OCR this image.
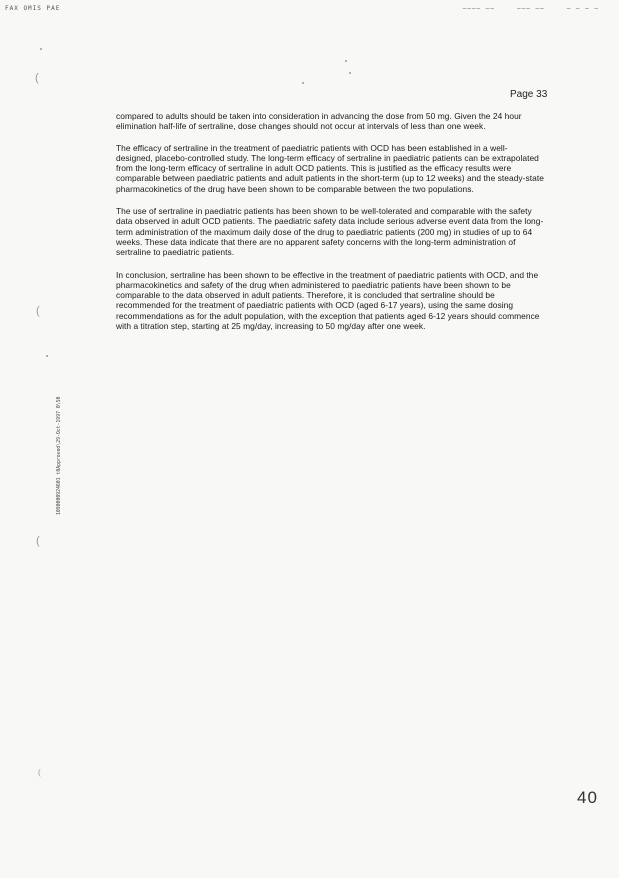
FAX OMIS PAE	———— ——	——— ——	— — — —
Page 33

compared to adults should be taken into consideration in advancing the dose from 50 mg. Given the 24 hour elimination half-life of sertraline, dose changes should not occur at intervals of less than one week.

The efficacy of sertraline in the treatment of paediatric patients with OCD has been established in a well-designed, placebo-controlled study. The long-term efficacy of sertraline in paediatric patients can be extrapolated from the long-term efficacy of sertraline in adult OCD patients. This is justified as the efficacy results were comparable between paediatric patients and adult patients in the short-term (up to 12 weeks) and the steady-state pharmacokinetics of the drug have been shown to be comparable between the two populations.

The use of sertraline in paediatric patients has been shown to be well-tolerated and comparable with the safety data observed in adult OCD patients. The paediatric safety data include serious adverse event data from the long-term administration of the maximum daily dose of the drug to paediatric patients (200 mg) in studies of up to 64 weeks. These data indicate that there are no apparent safety concerns with the long-term administration of sertraline to paediatric patients.

In conclusion, sertraline has been shown to be effective in the treatment of paediatric patients with OCD, and the pharmacokinetics and safety of the drug when administered to paediatric patients have been shown to be comparable to the data observed in adult patients. Therefore, it is concluded that sertraline should be recommended for the treatment of paediatric patients with OCD (aged 6-17 years), using the same dosing recommendations as for the adult population, with the exception that patients aged 6-12 years should commence with a titration step, starting at 25 mg/day, increasing to 50 mg/day after one week.

1090000924601 t0Approved\29-Oct-1997 0\50
(
(
(
(
40
